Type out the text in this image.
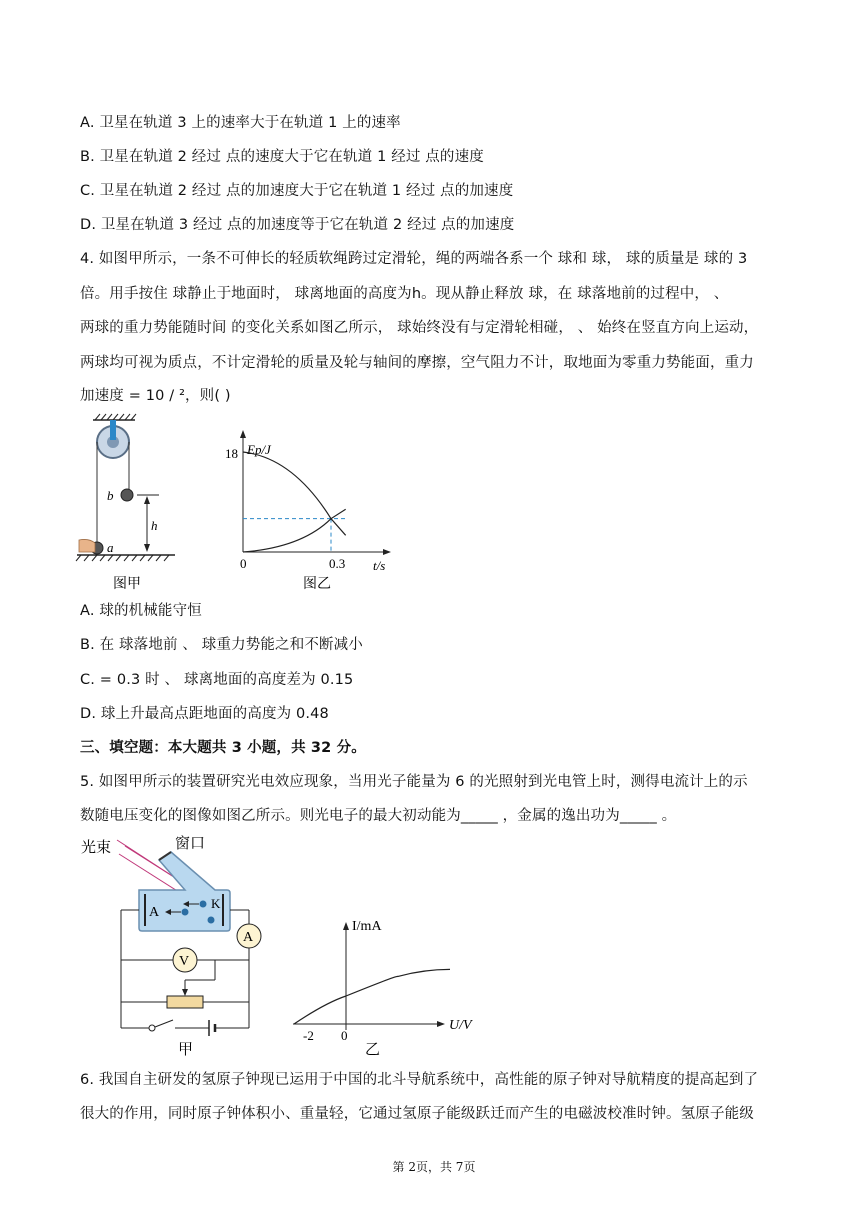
A. 卫星在轨道 3 上的速率大于在轨道 1 上的速率
B. 卫星在轨道 2 经过 点的速度大于它在轨道 1 经过 点的速度
C. 卫星在轨道 2 经过 点的加速度大于它在轨道 1 经过 点的加速度
D. 卫星在轨道 3 经过 点的加速度等于它在轨道 2 经过 点的加速度
4. 如图甲所示，一条不可伸长的轻质软绳跨过定滑轮，绳的两端各系一个 球和 球， 球的质量是 球的 3
倍。用手按住 球静止于地面时， 球离地面的高度为h。现从静止释放 球，在 球落地前的过程中， 、
两球的重力势能随时间 的变化关系如图乙所示， 球始终没有与定滑轮相碰， 、 始终在竖直方向上运动，
两球均可视为质点，不计定滑轮的质量及轮与轴间的摩擦，空气阻力不计，取地面为零重力势能面，重力
加速度 = 10 / ²，则( )
b
h
a
图甲
Ep/J
18
0	0.3 t/s
图乙
A. 球的机械能守恒
B. 在 球落地前 、 球重力势能之和不断减小
C. = 0.3 时 、 球离地面的高度差为 0.15
D. 球上升最高点距地面的高度为 0.48
三、填空题：本大题共 3 小题，共 32 分。
5. 如图甲所示的装置研究光电效应现象，当用光子能量为 6 的光照射到光电管上时，测得电流计上的示
数随电压变化的图像如图乙所示。则光电子的最大初动能为_____ ，金属的逸出功为_____ 。
光束	窗口
A
K
A
V
甲
I/mA
U/V
-2 0
乙
6. 我国自主研发的氢原子钟现已运用于中国的北斗导航系统中，高性能的原子钟对导航精度的提高起到了
很大的作用，同时原子钟体积小、重量轻，它通过氢原子能级跃迁而产生的电磁波校准时钟。氢原子能级
第 2页，共 7页
